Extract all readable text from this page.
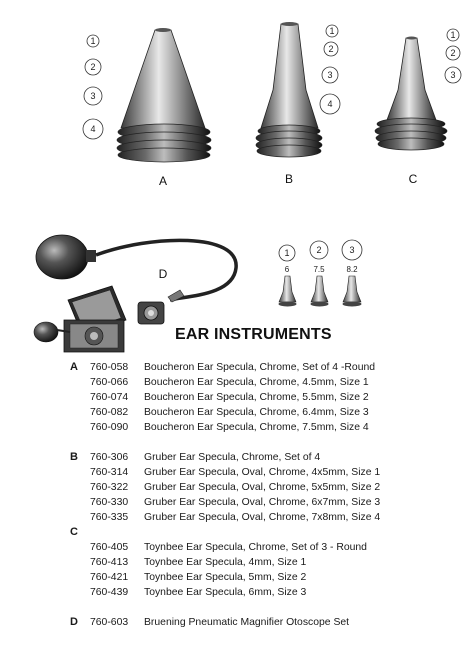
1
2
3
4
1
2
3
4
1
2
3
1	2	3
6	7.5	8.2
A	B	C
D
EAR INSTRUMENTS
A	760-058 Boucheron Ear Specula, Chrome, Set of 4 -Round
760-066 Boucheron Ear Specula, Chrome, 4.5mm, Size 1
760-074 Boucheron Ear Specula, Chrome, 5.5mm, Size 2
760-082 Boucheron Ear Specula, Chrome, 6.4mm, Size 3
760-090 Boucheron Ear Specula, Chrome, 7.5mm, Size 4
B	760-306 Gruber Ear Specula, Chrome, Set of 4
760-314 Gruber Ear Specula, Oval, Chrome, 4x5mm, Size 1
760-322 Gruber Ear Specula, Oval, Chrome, 5x5mm, Size 2
760-330 Gruber Ear Specula, Oval, Chrome, 6x7mm, Size 3
760-335 Gruber Ear Specula, Oval, Chrome, 7x8mm, Size 4
C
760-405 Toynbee Ear Specula, Chrome, Set of 3 - Round
760-413 Toynbee Ear Specula, 4mm, Size 1
760-421 Toynbee Ear Specula, 5mm, Size 2
760-439 Toynbee Ear Specula, 6mm, Size 3
D	760-603 Bruening Pneumatic Magnifier Otoscope Set
